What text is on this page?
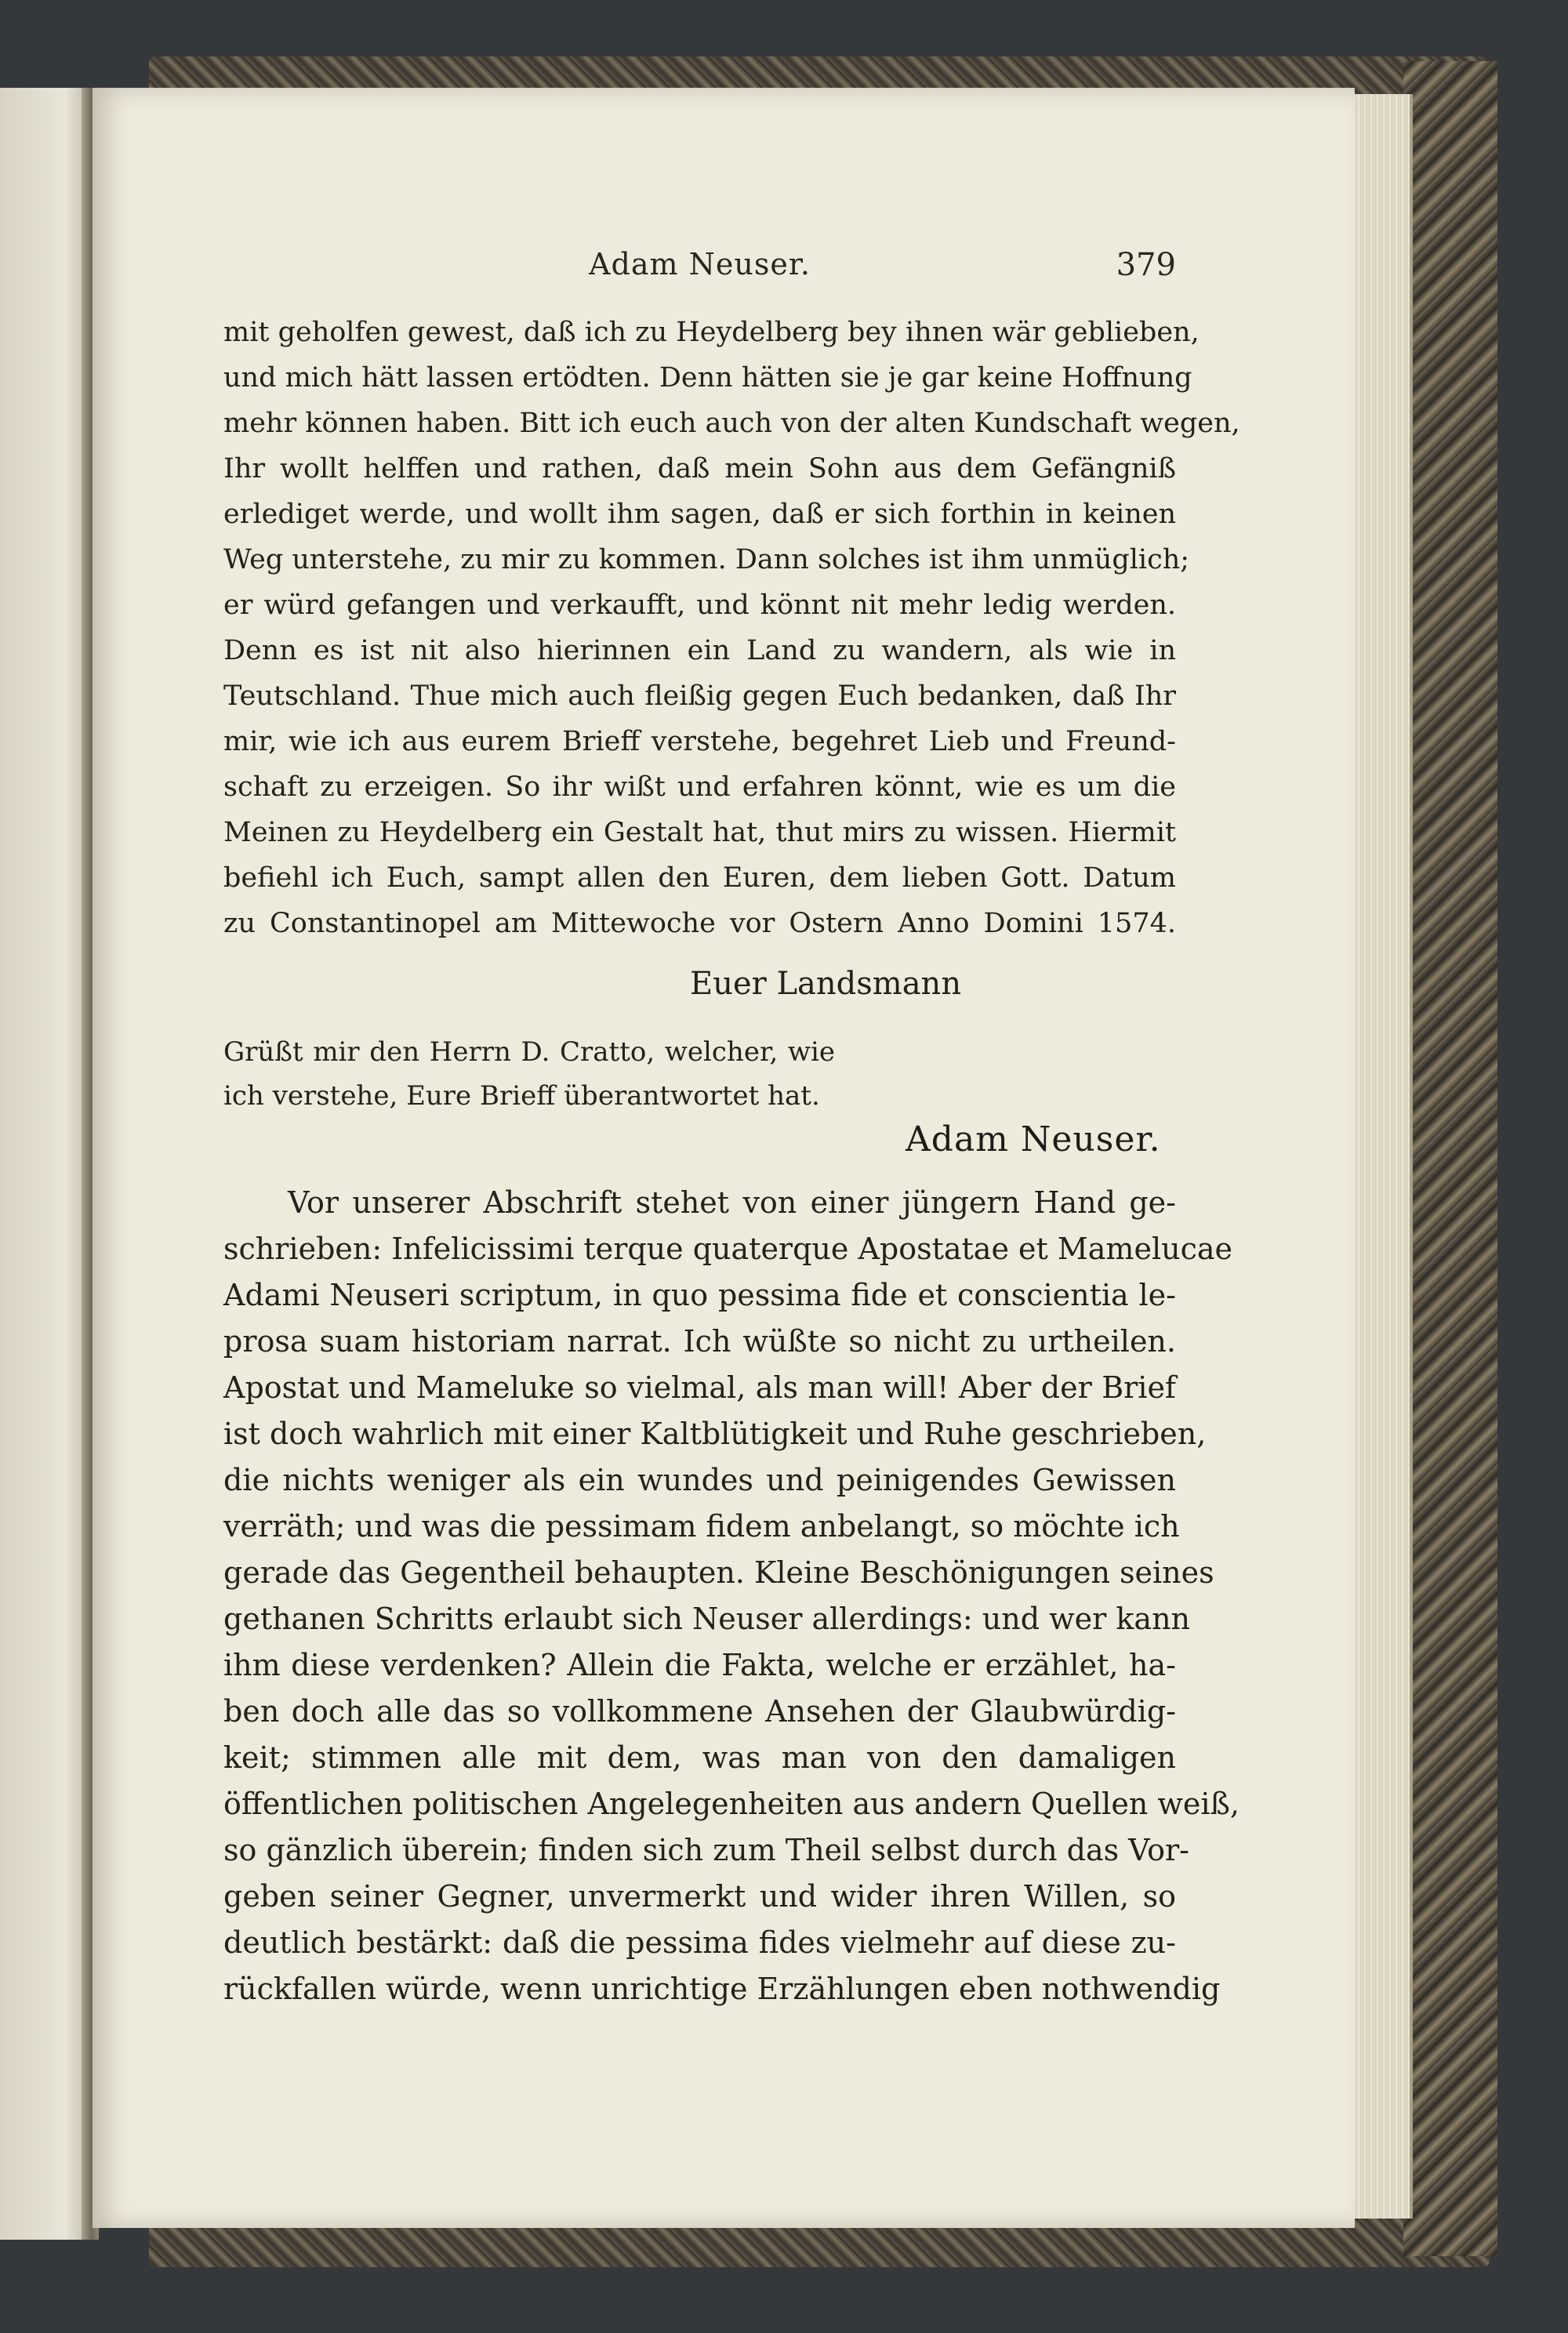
Adam Neuser.	379
mit geholfen gewest, daß ich zu Heydelberg bey ihnen wär geblieben,
und mich hätt lassen ertödten. Denn hätten sie je gar keine Hoffnung
mehr können haben. Bitt ich euch auch von der alten Kundschaft wegen,
Ihr wollt helffen und rathen, daß mein Sohn aus dem Gefängniß
erlediget werde, und wollt ihm sagen, daß er sich forthin in keinen
Weg unterstehe, zu mir zu kommen. Dann solches ist ihm unmüglich;
er würd gefangen und verkaufft, und könnt nit mehr ledig werden.
Denn es ist nit also hierinnen ein Land zu wandern, als wie in
Teutschland. Thue mich auch fleißig gegen Euch bedanken, daß Ihr
mir, wie ich aus eurem Brieff verstehe, begehret Lieb und Freund-
schaft zu erzeigen. So ihr wißt und erfahren könnt, wie es um die
Meinen zu Heydelberg ein Gestalt hat, thut mirs zu wissen. Hiermit
befiehl ich Euch, sampt allen den Euren, dem lieben Gott. Datum
zu Constantinopel am Mittewoche vor Ostern Anno Domini 1574.
Euer Landsmann
Grüßt mir den Herrn D. Cratto, welcher, wie
ich verstehe, Eure Brieff überantwortet hat.
Adam Neuser.
Vor unserer Abschrift stehet von einer jüngern Hand ge-
schrieben: Infelicissimi terque quaterque Apostatae et Mamelucae
Adami Neuseri scriptum, in quo pessima fide et conscientia le-
prosa suam historiam narrat. Ich wüßte so nicht zu urtheilen.
Apostat und Mameluke so vielmal, als man will! Aber der Brief
ist doch wahrlich mit einer Kaltblütigkeit und Ruhe geschrieben,
die nichts weniger als ein wundes und peinigendes Gewissen
verräth; und was die pessimam fidem anbelangt, so möchte ich
gerade das Gegentheil behaupten. Kleine Beschönigungen seines
gethanen Schritts erlaubt sich Neuser allerdings: und wer kann
ihm diese verdenken? Allein die Fakta, welche er erzählet, ha-
ben doch alle das so vollkommene Ansehen der Glaubwürdig-
keit; stimmen alle mit dem, was man von den damaligen
öffentlichen politischen Angelegenheiten aus andern Quellen weiß,
so gänzlich überein; finden sich zum Theil selbst durch das Vor-
geben seiner Gegner, unvermerkt und wider ihren Willen, so
deutlich bestärkt: daß die pessima fides vielmehr auf diese zu-
rückfallen würde, wenn unrichtige Erzählungen eben nothwendig
